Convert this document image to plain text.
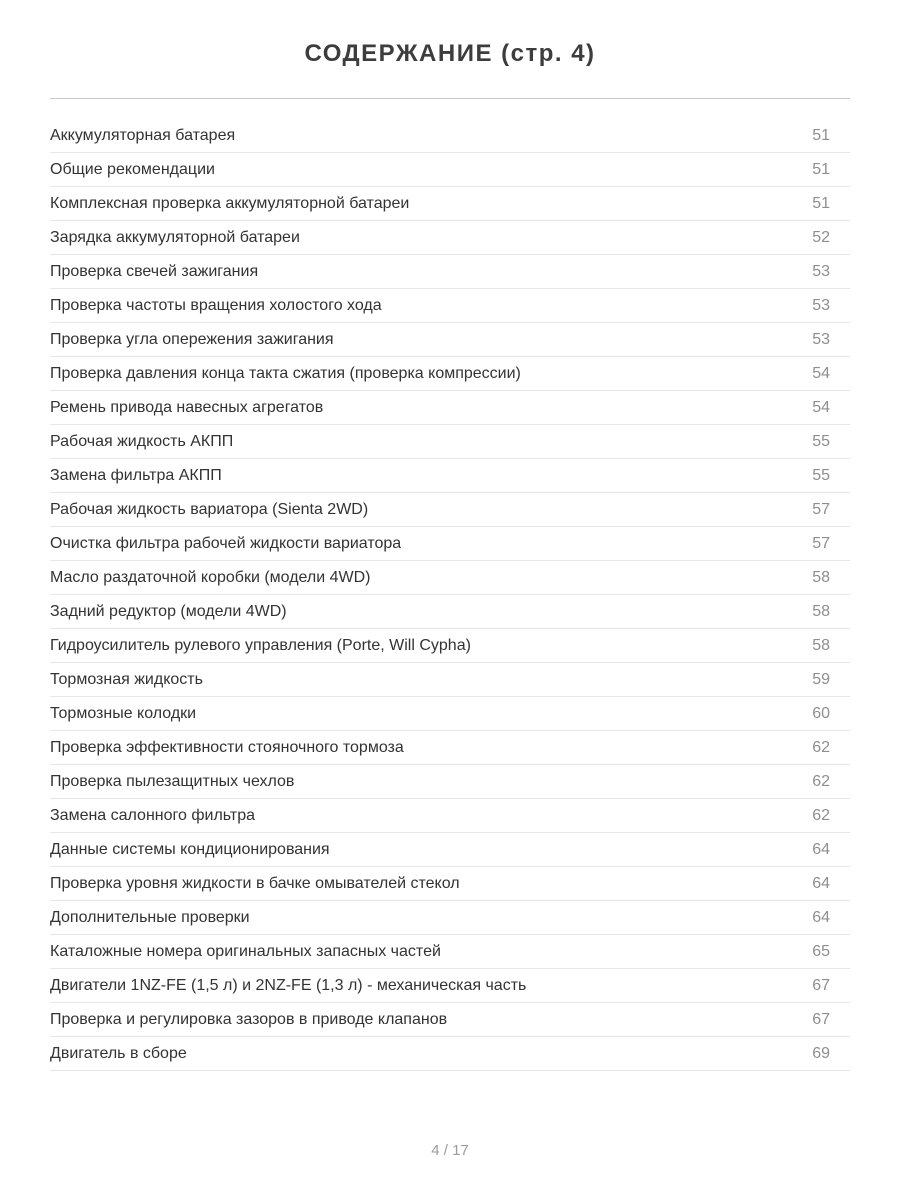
СОДЕРЖАНИЕ (стр. 4)
Аккумуляторная батарея	51
Общие рекомендации	51
Комплексная проверка аккумуляторной батареи	51
Зарядка аккумуляторной батареи	52
Проверка свечей зажигания	53
Проверка частоты вращения холостого хода	53
Проверка угла опережения зажигания	53
Проверка давления конца такта сжатия (проверка компрессии)	54
Ремень привода навесных агрегатов	54
Рабочая жидкость АКПП	55
Замена фильтра АКПП	55
Рабочая жидкость вариатора (Sienta 2WD)	57
Очистка фильтра рабочей жидкости вариатора	57
Масло раздаточной коробки (модели 4WD)	58
Задний редуктор (модели 4WD)	58
Гидроусилитель рулевого управления (Porte, Will Cypha)	58
Тормозная жидкость	59
Тормозные колодки	60
Проверка эффективности стояночного тормоза	62
Проверка пылезащитных чехлов	62
Замена салонного фильтра	62
Данные системы кондиционирования	64
Проверка уровня жидкости в бачке омывателей стекол	64
Дополнительные проверки	64
Каталожные номера оригинальных запасных частей	65
Двигатели 1NZ-FE (1,5 л) и 2NZ-FE (1,3 л) - механическая часть	67
Проверка и регулировка зазоров в приводе клапанов	67
Двигатель в сборе	69
4 / 17
